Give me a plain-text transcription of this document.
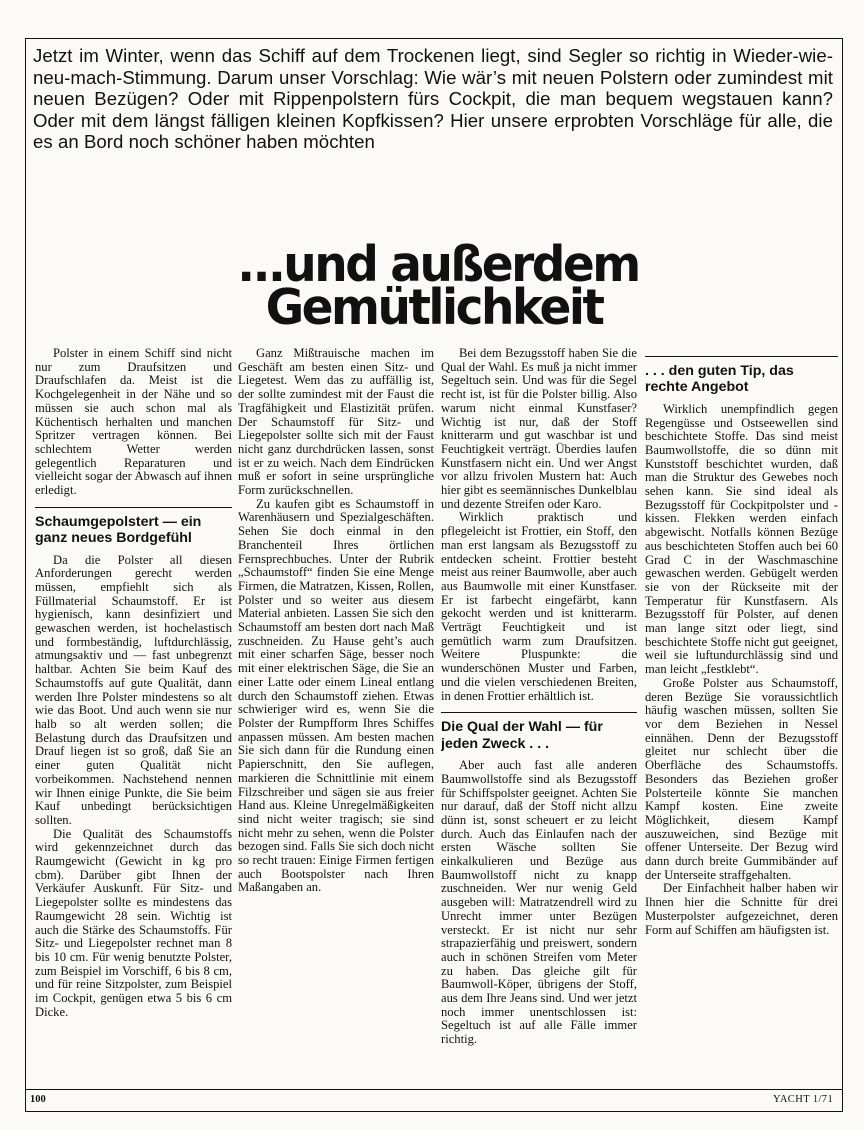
Jetzt im Winter, wenn das Schiff auf dem Trockenen liegt, sind Segler so richtig in Wieder-wie-neu-mach-Stimmung. Darum unser Vorschlag: Wie wär’s mit neuen Polstern oder zumindest mit neuen Bezügen? Oder mit Rippenpolstern fürs Cockpit, die man bequem wegstauen kann? Oder mit dem längst fälligen kleinen Kopfkissen? Hier unsere erprobten Vorschläge für alle, die es an Bord noch schöner haben möchten

...und außerdem
Gemütlichkeit

Polster in einem Schiff sind nicht nur zum Draufsitzen und Draufschlafen da. Meist ist die Kochgelegenheit in der Nähe und so müssen sie auch schon mal als Küchentisch herhalten und manchen Spritzer vertragen können. Bei schlechtem Wetter werden gelegentlich Reparaturen und vielleicht sogar der Abwasch auf ihnen erledigt.

Schaumgepolstert — ein ganz neues Bordgefühl

Da die Polster all diesen Anforderungen gerecht werden müssen, empfiehlt sich als Füllmaterial Schaumstoff. Er ist hygienisch, kann desinfiziert und gewaschen werden, ist hochelastisch und formbeständig, luftdurchlässig, atmungsaktiv und — fast unbegrenzt haltbar. Achten Sie beim Kauf des Schaumstoffs auf gute Qualität, dann werden Ihre Polster mindestens so alt wie das Boot. Und auch wenn sie nur halb so alt werden sollen; die Belastung durch das Draufsitzen und Drauf liegen ist so groß, daß Sie an einer guten Qualität nicht vorbeikommen. Nachstehend nennen wir Ihnen einige Punkte, die Sie beim Kauf unbedingt berücksichtigen sollten.

Die Qualität des Schaumstoffs wird gekennzeichnet durch das Raumgewicht (Gewicht in kg pro cbm). Darüber gibt Ihnen der Verkäufer Auskunft. Für Sitz- und Liegepolster sollte es mindestens das Raumgewicht 28 sein. Wichtig ist auch die Stärke des Schaumstoffs. Für Sitz- und Liegepolster rechnet man 8 bis 10 cm. Für wenig benutzte Polster, zum Beispiel im Vorschiff, 6 bis 8 cm, und für reine Sitzpolster, zum Beispiel im Cockpit, genügen etwa 5 bis 6 cm Dicke.

Ganz Mißtrauische machen im Geschäft am besten einen Sitz- und Liegetest. Wem das zu auffällig ist, der sollte zumindest mit der Faust die Tragfähigkeit und Elastizität prüfen. Der Schaumstoff für Sitz- und Liegepolster sollte sich mit der Faust nicht ganz durchdrücken lassen, sonst ist er zu weich. Nach dem Eindrücken muß er sofort in seine ursprüngliche Form zurückschnellen.

Zu kaufen gibt es Schaumstoff in Warenhäusern und Spezialgeschäften. Sehen Sie doch einmal in den Branchenteil Ihres örtlichen Fernsprechbuches. Unter der Rubrik „Schaumstoff“ finden Sie eine Menge Firmen, die Matratzen, Kissen, Rollen, Polster und so weiter aus diesem Material anbieten. Lassen Sie sich den Schaumstoff am besten dort nach Maß zuschneiden. Zu Hause geht’s auch mit einer scharfen Säge, besser noch mit einer elektrischen Säge, die Sie an einer Latte oder einem Lineal entlang durch den Schaumstoff ziehen. Etwas schwieriger wird es, wenn Sie die Polster der Rumpfform Ihres Schiffes anpassen müssen. Am besten machen Sie sich dann für die Rundung einen Papierschnitt, den Sie auflegen, markieren die Schnittlinie mit einem Filzschreiber und sägen sie aus freier Hand aus. Kleine Unregelmäßigkeiten sind nicht weiter tragisch; sie sind nicht mehr zu sehen, wenn die Polster bezogen sind. Falls Sie sich doch nicht so recht trauen: Einige Firmen fertigen auch Bootspolster nach Ihren Maßangaben an.

Bei dem Bezugsstoff haben Sie die Qual der Wahl. Es muß ja nicht immer Segeltuch sein. Und was für die Segel recht ist, ist für die Polster billig. Also warum nicht einmal Kunstfaser? Wichtig ist nur, daß der Stoff knitterarm und gut waschbar ist und Feuchtigkeit verträgt. Überdies laufen Kunstfasern nicht ein. Und wer Angst vor allzu frivolen Mustern hat: Auch hier gibt es seemännisches Dunkelblau und dezente Streifen oder Karo.

Wirklich praktisch und pflegeleicht ist Frottier, ein Stoff, den man erst langsam als Bezugsstoff zu entdecken scheint. Frottier besteht meist aus reiner Baumwolle, aber auch aus Baumwolle mit einer Kunstfaser. Er ist farbecht eingefärbt, kann gekocht werden und ist knitterarm. Verträgt Feuchtigkeit und ist gemütlich warm zum Draufsitzen. Weitere Pluspunkte: die wunderschönen Muster und Farben, und die vielen verschiedenen Breiten, in denen Frottier erhältlich ist.

Die Qual der Wahl — für jeden Zweck . . .

Aber auch fast alle anderen Baumwollstoffe sind als Bezugsstoff für Schiffspolster geeignet. Achten Sie nur darauf, daß der Stoff nicht allzu dünn ist, sonst scheuert er zu leicht durch. Auch das Einlaufen nach der ersten Wäsche sollten Sie einkalkulieren und Bezüge aus Baumwollstoff nicht zu knapp zuschneiden. Wer nur wenig Geld ausgeben will: Matratzendrell wird zu Unrecht immer unter Bezügen versteckt. Er ist nicht nur sehr strapazierfähig und preiswert, sondern auch in schönen Streifen vom Meter zu haben. Das gleiche gilt für Baumwoll-Köper, übrigens der Stoff, aus dem Ihre Jeans sind. Und wer jetzt noch immer unentschlossen ist: Segeltuch ist auf alle Fälle immer richtig.

. . . den guten Tip, das rechte Angebot

Wirklich unempfindlich gegen Regengüsse und Ostseewellen sind beschichtete Stoffe. Das sind meist Baumwollstoffe, die so dünn mit Kunststoff beschichtet wurden, daß man die Struktur des Gewebes noch sehen kann. Sie sind ideal als Bezugsstoff für Cockpitpolster und -kissen. Flekken werden einfach abgewischt. Notfalls können Bezüge aus beschichteten Stoffen auch bei 60 Grad C in der Waschmaschine gewaschen werden. Gebügelt werden sie von der Rückseite mit der Temperatur für Kunstfasern. Als Bezugsstoff für Polster, auf denen man lange sitzt oder liegt, sind beschichtete Stoffe nicht gut geeignet, weil sie luftundurchlässig sind und man leicht „festklebt“.

Große Polster aus Schaumstoff, deren Bezüge Sie voraussichtlich häufig waschen müssen, sollten Sie vor dem Beziehen in Nessel einnähen. Denn der Bezugsstoff gleitet nur schlecht über die Oberfläche des Schaumstoffs. Besonders das Beziehen großer Polsterteile könnte Sie manchen Kampf kosten. Eine zweite Möglichkeit, diesem Kampf auszuweichen, sind Bezüge mit offener Unterseite. Der Bezug wird dann durch breite Gummibänder auf der Unterseite straffgehalten.

Der Einfachheit halber haben wir Ihnen hier die Schnitte für drei Musterpolster aufgezeichnet, deren Form auf Schiffen am häufigsten ist.

100	YACHT 1/71
